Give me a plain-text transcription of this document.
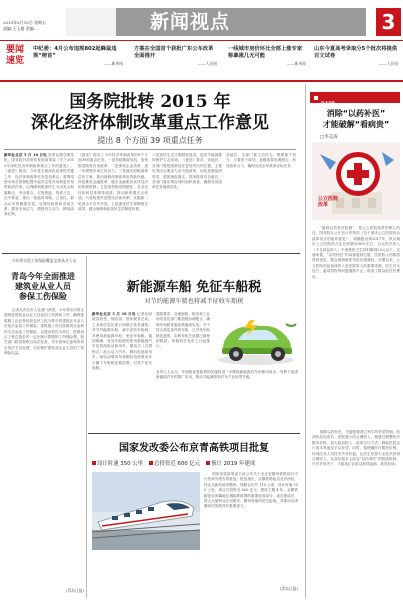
2015年5月15日 星期五
责编:王玉楼 美编:…	新闻视点	3
要闻速览
中纪委：4月公布违规802起蜂鼠违规“榜首”
——新华网
方案在全国首个获批广东公车改革全面推开
——人民网
一线城市房价环比全部上涨专家称暴涨几无可能
——新华网
山东今夏高考录取分5个批次将提供百文试卷
——人民网
国务院批转 2015 年
深化经济体制改革重点工作意见
提出 8 个方面 39 项重点任务
新华社北京 5 月 18 日电 经李克强总理签批，国务院日前批转发展改革委《关于2015年深化经济体制改革重点工作的意见》。《意见》指出，今年是全面深化改革的关键之年，经济体制改革任务更加艰巨。要围绕使市场在资源配置中起决定性作用和更好发挥政府作用，以保障和改善民生为出发点和落脚点，突出重点，对准焦距，找准穴位，击中要害，推出一批能叫得响、立得住、群众认可的硬招实招，处理好政府和市场关系，激发市场活力，增强内生动力，释放改革红利。
《意见》提出了今年经济体制改革的8个方面39项重点任务。一是持续简政放权，加快推进政府自身改革。二是深化企业改革，进一步增强市场主体活力。三是落实财税改革总体方案，推动财税体制改革取得新突破。四是推进金融改革，健全金融服务实体经济的体制机制。五是加快推进城镇化、农业农村和科技体制等改革，推动新的增长点形成。六是构建开放型经济新体制，实施新一轮高水平对外开放。七是深化民生保障相关改革，健全保障和改善民生的制度体系。
八是加快生态文明制度建设，促进节能减排和保护生态环境。《意见》要求，各地区、各部门要把改革放在更加突出的位置，主要负责同志要亲力亲为抓改革，切实加强组织领导，狠抓督促落实。国务院将对各地区、各部门落实情况适时组织督查，确保各项改革任务落到实处。
各地区、各部门要主动作为，既要敢于担当，又要善于谋划，加强改革协调配合，形成改革合力，确保完成全年改革目标任务。
时评
消除“以药补医”
才能破解“看病贵”
□李志涛
公立医院
改革
“破除以药补医机制”，是公立医院改革的核心所在。国务院办公厅近日印发的《关于城市公立医院综合改革试点的指导意见》，明确提出到2017年，试点城市公立医院药占比总体降到30%左右，百元医疗收入（不含药品收入）中消耗的卫生材料降到20元以下。这意味着，“以药补医”的局面将被打破，医院收入结构将得到优化，群众看病就医负担有望减轻。长期以来，公立医院药品加成收入是医院收入的重要来源，医生开大处方、滥用药物等问题屡禁不止，推高了群众的医疗费用。
破除以药补医，关键是要建立科学的补偿机制。取消药品加成后，医院减少的合理收入，要通过调整医疗服务价格、加大政府投入、改革支付方式、降低医院运行成本等途径予以补偿。同时，要理顺医疗服务价格，体现医务人员技术劳务价值，让医生依靠专业技术获得合理收入，从而从根本上改变“以药养医”的扭曲机制。只有多管齐下，才能真正让群众看得起病、看得好病。
今年将实现工伤保险覆盖全体从业人员
青岛今年全面推进
建筑业从业人员
参保工伤保险
记者从青岛市人社部门获悉，今年青岛市将全面推进建筑业从业人员参加工伤保险工作，确保建筑施工企业特别是农民工较为集中的建筑业从业人员依法参加工伤保险。建筑施工项目按照项目参保的方式参加工伤保险，以建设项目为单位，按照项目工程总造价的一定比例计算缴纳工伤保险费。相关部门将加强联合执法检查，对未按规定参保的项目依法予以处理，切实维护建筑业从业人员的工伤保险权益。
(青岛日报)
新能源车船 免征车船税
对节约能源车船也将减半征收车船税
新华社北京 5 月 18 日电 记者从财政部获悉，财政部、国家税务总局、工业和信息化部日前联合发布通知，对节约能源车船，减半征收车船税；对使用新能源车船，免征车船税。通知明确，免征车船税的使用新能源汽车包括纯电动商用车、插电式（含增程式）混合动力汽车、燃料电池商用车。纯电动乘用车和燃料电池乘用车不属于车船税征税范围，对其不征车船税。
通知要求，各地财政、税务和工业和信息化部门要加强协调配合，确保车船税优惠政策落到实处。对不符合规定条件的车船，已享受车船税优惠的，由税务机关追缴已减免的税款。该通知自发布之日起施行。
业内人士认为，车船税优惠政策的实施将进一步降低新能源汽车的使用成本，有利于促进新能源汽车的推广应用，推动节能减排和汽车产业转型升级。
国家发改委公布京青高铁项目批复
设计时速 350 公里 总投资近 600 亿元 预计 2019 年建成
国家发展改革委日前公布关于北京至霸州铁路项目可行性研究报告的批复。批复指出，京霸铁路起自北京西站，经北京新机场至霸州，线路全长约 110 公里，设计时速 350 公里，项目总投资近 600 亿元，建设工期 4 年。京霸铁路是京津冀地区城际铁路网的重要组成部分，项目建成后，将大大缩短北京至雄安、霸州等地的时空距离，对推动京津冀协同发展具有重要意义。
(青岛日报)
